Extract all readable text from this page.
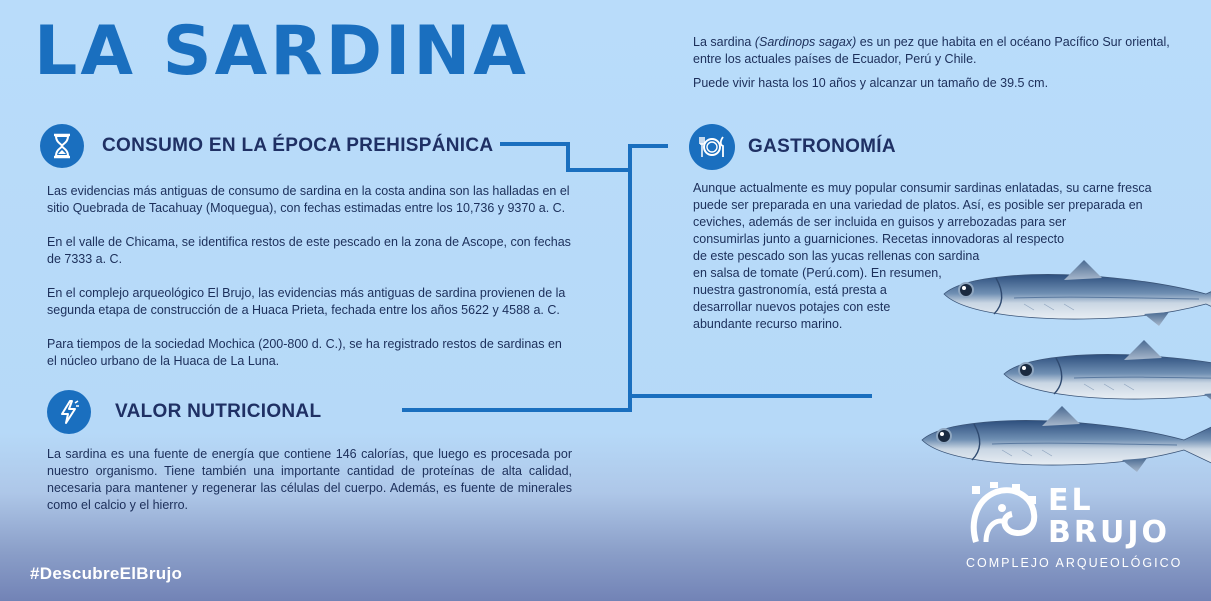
LA SARDINA	La sardina (Sardinops sagax) es un pez que habita en el océano Pacífico Sur oriental, entre los actuales países de Ecuador, Perú y Chile.

Puede vivir hasta los 10 años y alcanzar un tamaño de 39.5 cm.

CONSUMO EN LA ÉPOCA PREHISPÁNICA

Las evidencias más antiguas de consumo de sardina en la costa andina son las halladas en el sitio Quebrada de Tacahuay (Moquegua), con fechas estimadas entre los 10,736 y 9370 a. C.

En el valle de Chicama, se identifica restos de este pescado en la zona de Ascope, con fechas de 7333 a. C.

En el complejo arqueológico El Brujo, las evidencias más antiguas de sardina provienen de la segunda etapa de construcción de a Huaca Prieta, fechada entre los años 5622 y 4588 a. C.

Para tiempos de la sociedad Mochica (200-800 d. C.), se ha registrado restos de sardinas en el núcleo urbano de la Huaca de La Luna.

VALOR NUTRICIONAL

La sardina es una fuente de energía que contiene 146 calorías, que luego es procesada por nuestro organismo. Tiene también una importante cantidad de proteínas de alta calidad, necesaria para mantener y regenerar las células del cuerpo. Además, es fuente de minerales como el calcio y el hierro.

GASTRONOMÍA
Aunque actualmente es muy popular consumir sardinas enlatadas, su carne fresca
puede ser preparada en una variedad de platos. Así, es posible ser preparada en
ceviches, además de ser incluida en guisos y arrebozadas para ser
consumirlas junto a guarniciones. Recetas innovadoras al respecto
de este pescado son las yucas rellenas con sardina
en salsa de tomate (Perú.com). En resumen,
nuestra gastronomía, está presta a
desarrollar nuevos potajes con este
abundante recurso marino.
#DescubreElBrujo
EL
BRUJO
COMPLEJO ARQUEOLÓGICO
